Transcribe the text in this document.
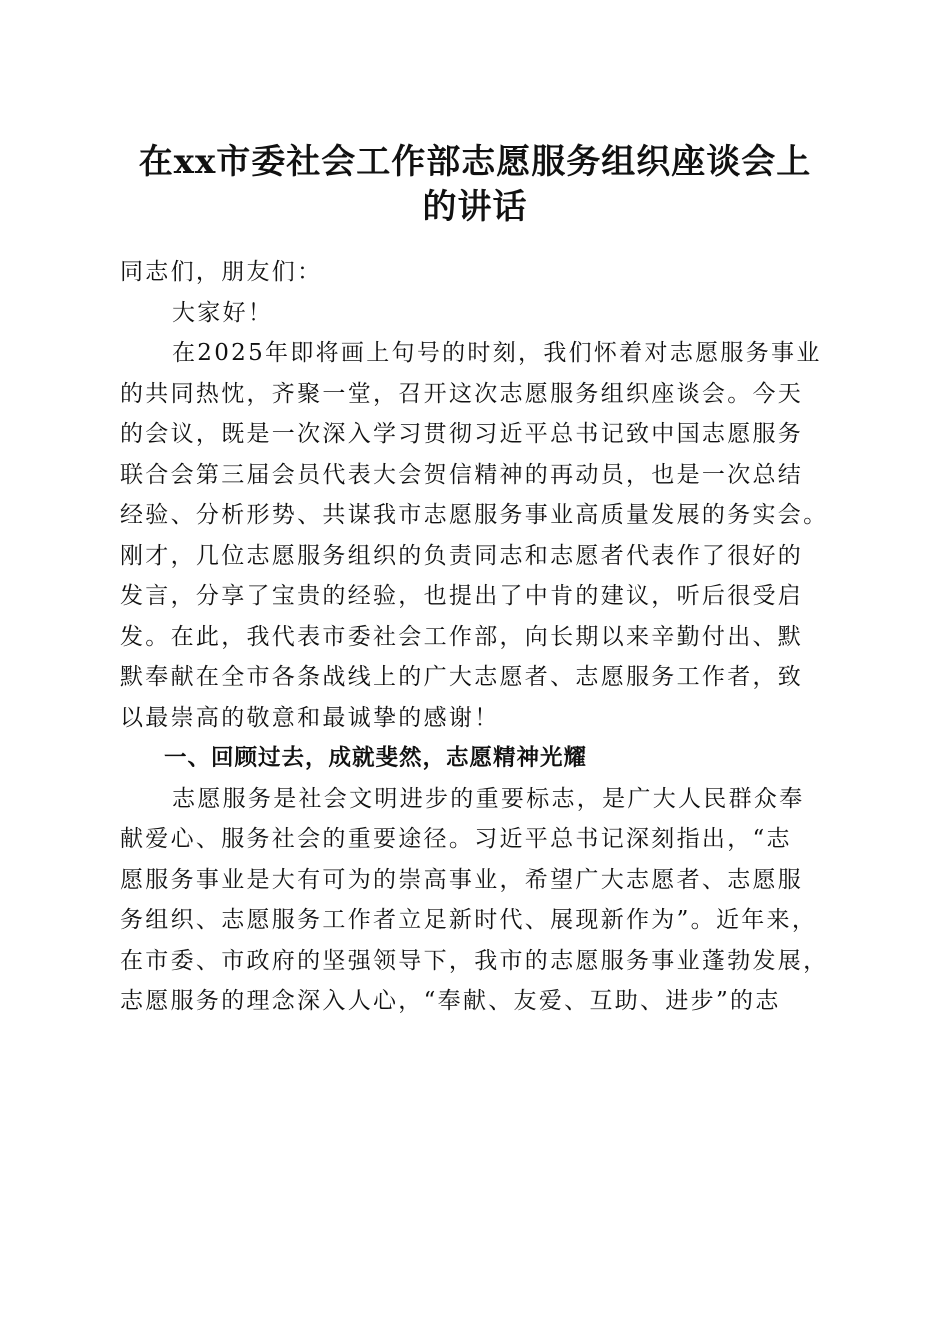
在xx市委社会工作部志愿服务组织座谈会上
的讲话

同志们，朋友们：

大家好！

在2025年即将画上句号的时刻，我们怀着对志愿服务事业

的共同热忱，齐聚一堂，召开这次志愿服务组织座谈会。今天

的会议，既是一次深入学习贯彻习近平总书记致中国志愿服务

联合会第三届会员代表大会贺信精神的再动员，也是一次总结

经验、分析形势、共谋我市志愿服务事业高质量发展的务实会。

刚才，几位志愿服务组织的负责同志和志愿者代表作了很好的

发言，分享了宝贵的经验，也提出了中肯的建议，听后很受启

发。在此，我代表市委社会工作部，向长期以来辛勤付出、默

默奉献在全市各条战线上的广大志愿者、志愿服务工作者，致

以最崇高的敬意和最诚挚的感谢！

一、回顾过去，成就斐然，志愿精神光耀

志愿服务是社会文明进步的重要标志，是广大人民群众奉

献爱心、服务社会的重要途径。习近平总书记深刻指出，“志

愿服务事业是大有可为的崇高事业，希望广大志愿者、志愿服

务组织、志愿服务工作者立足新时代、展现新作为”。近年来，

在市委、市政府的坚强领导下，我市的志愿服务事业蓬勃发展，

志愿服务的理念深入人心，“奉献、友爱、互助、进步”的志
